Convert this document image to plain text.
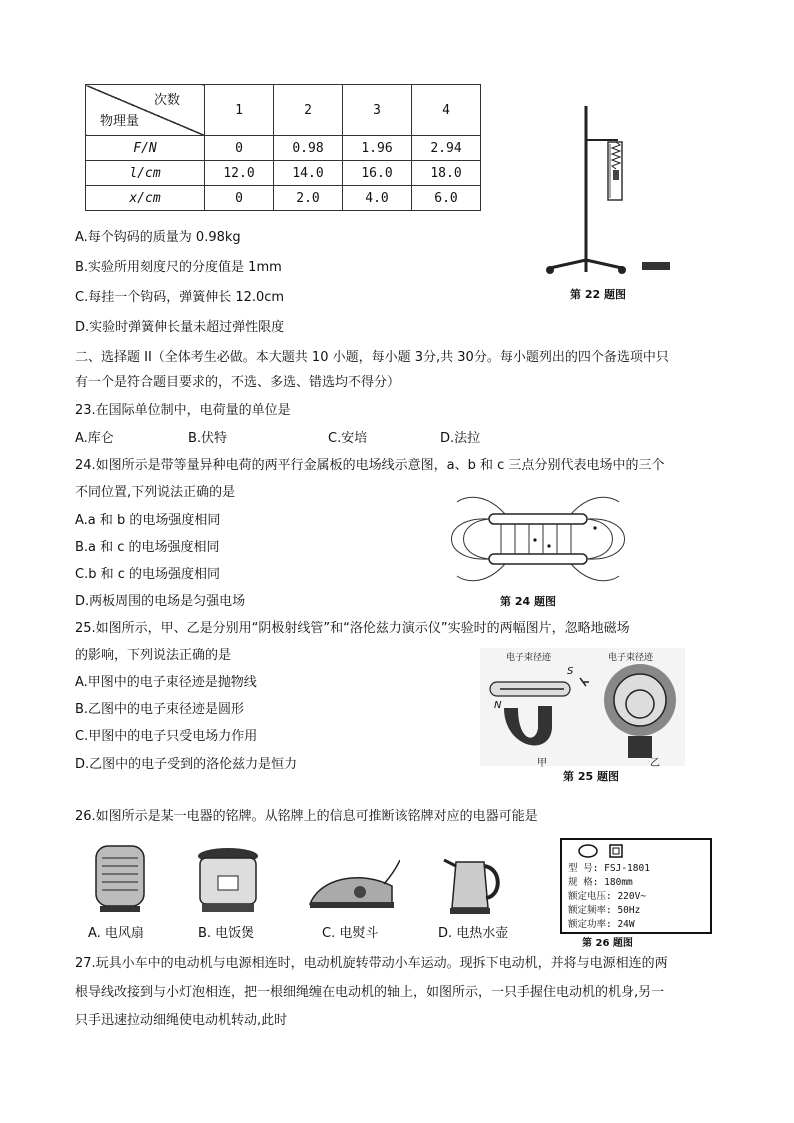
次数
物理量	1	2	3	4
F/N	0	0.98	1.96	2.94
l/cm	12.0	14.0	16.0	18.0
x/cm	0	2.0	4.0	6.0
A.每个钩码的质量为 0.98kg
B.实验所用刻度尺的分度值是 1mm
C.每挂一个钩码，弹簧伸长 12.0cm
D.实验时弹簧伸长量未超过弹性限度
第 22 题图
二、选择题 II（全体考生必做。本大题共 10 小题，每小题 3分,共 30分。每小题列出的四个备选项中只
有一个是符合题目要求的，不选、多选、错选均不得分）
23.在国际单位制中，电荷量的单位是
A.库仑	B.伏特	C.安培	D.法拉
24.如图所示是带等量异种电荷的两平行金属板的电场线示意图，a、b 和 c 三点分别代表电场中的三个
不同位置,下列说法正确的是
A.a 和 b 的电场强度相同
B.a 和 c 的电场强度相同
C.b 和 c 的电场强度相同
D.两板周围的电场是匀强电场	第 24 题图
25.如图所示，甲、乙是分别用“阴极射线管”和“洛伦兹力演示仪”实验时的两幅图片，忽略地磁场
的影响，下列说法正确的是
A.甲图中的电子束径迹是抛物线
B.乙图中的电子束径迹是圆形
C.甲图中的电子只受电场力作用
D.乙图中的电子受到的洛伦兹力是恒力
电子束径迹	电子束径迹
S
N
甲	乙
第 25 题图
26.如图所示是某一电器的铭牌。从铭牌上的信息可推断该铭牌对应的电器可能是
A. 电风扇	B. 电饭煲	C. 电熨斗	D. 电热水壶
型 号: FSJ-1801
规 格: 180mm
额定电压: 220V~
额定频率: 50Hz
额定功率: 24W
第 26 题图
27.玩具小车中的电动机与电源相连时，电动机旋转带动小车运动。现拆下电动机，并将与电源相连的两
根导线改接到与小灯泡相连，把一根细绳缠在电动机的轴上，如图所示，一只手握住电动机的机身,另一
只手迅速拉动细绳使电动机转动,此时
